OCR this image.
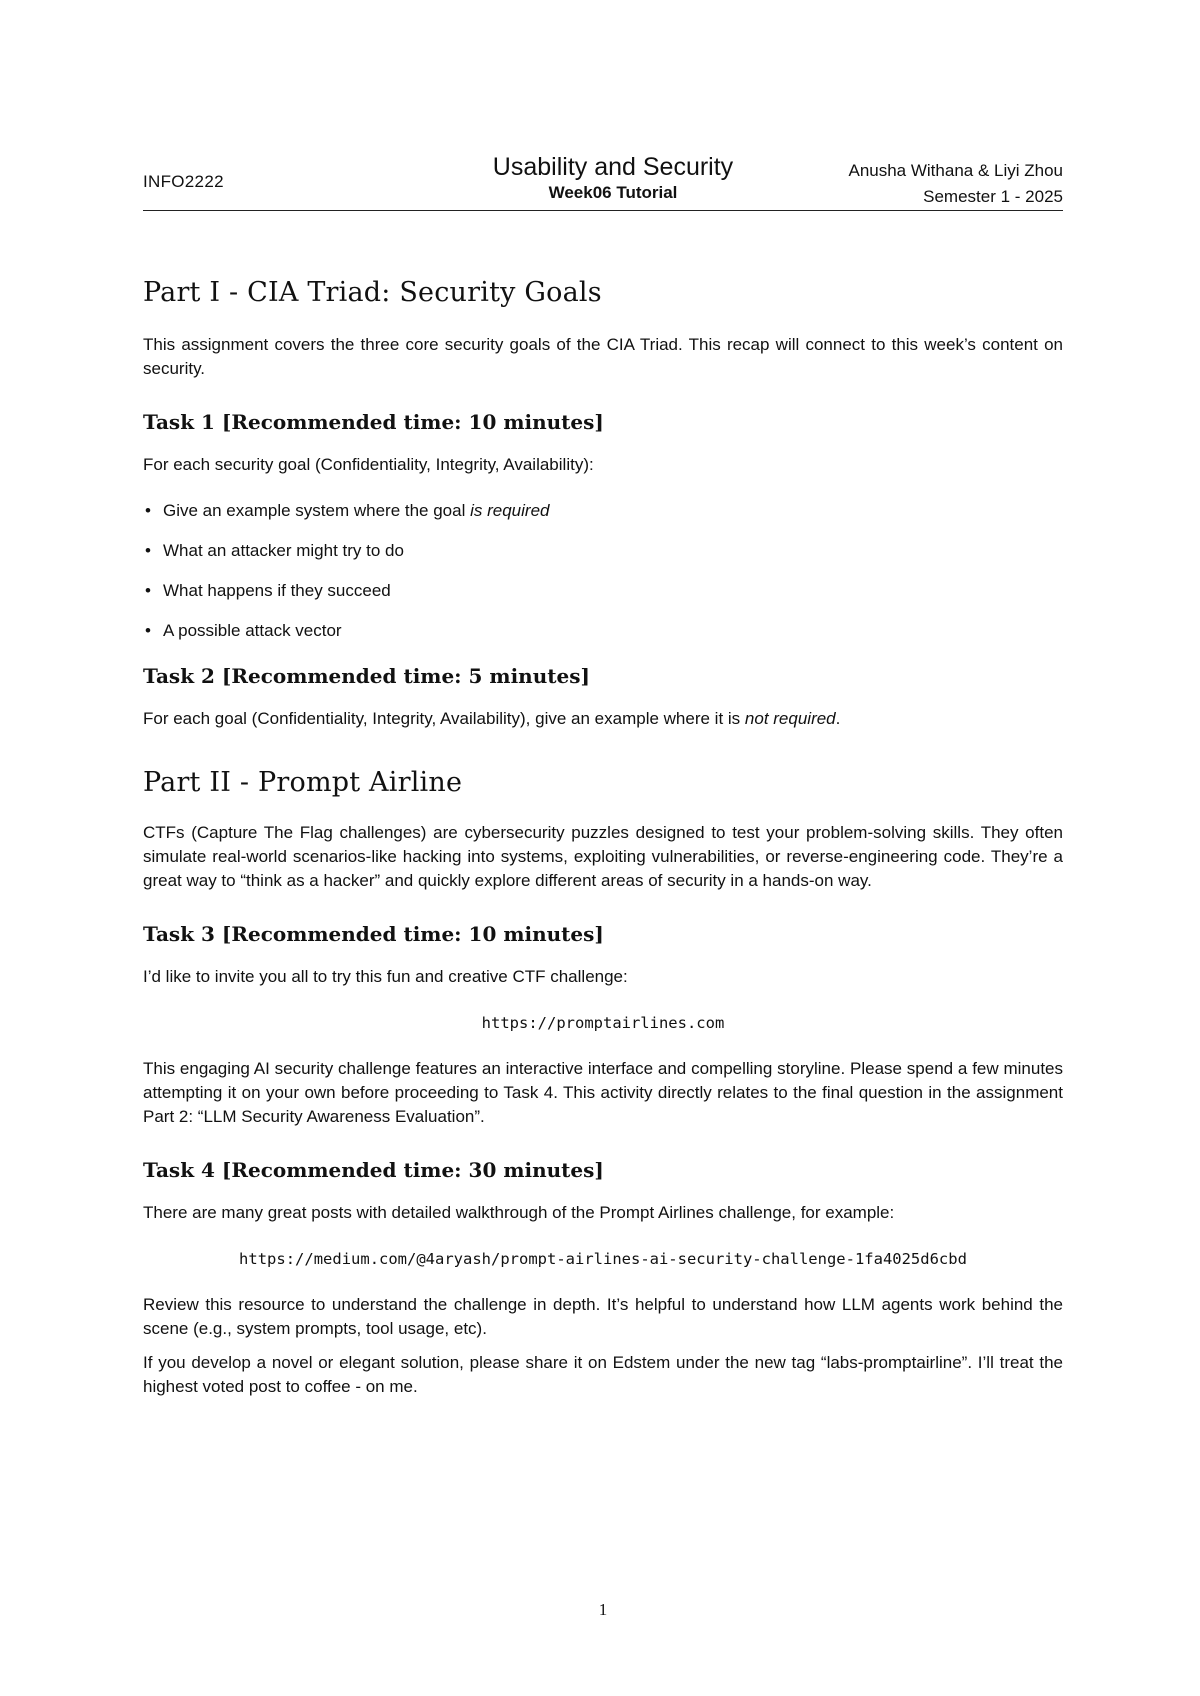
INFO2222
Usability and Security
Week06 Tutorial
Anusha Withana & Liyi Zhou
Semester 1 - 2025
Part I - CIA Triad: Security Goals

This assignment covers the three core security goals of the CIA Triad. This recap will connect to this week’s content on security.

Task 1 [Recommended time: 10 minutes]

For each security goal (Confidentiality, Integrity, Availability):

• Give an example system where the goal is required
• What an attacker might try to do
• What happens if they succeed
• A possible attack vector
Task 2 [Recommended time: 5 minutes]

For each goal (Confidentiality, Integrity, Availability), give an example where it is not required.

Part II - Prompt Airline

CTFs (Capture The Flag challenges) are cybersecurity puzzles designed to test your problem-solving skills. They often simulate real-world scenarios-like hacking into systems, exploiting vulnerabilities, or reverse-engineering code. They’re a great way to “think as a hacker” and quickly explore different areas of security in a hands-on way.

Task 3 [Recommended time: 10 minutes]

I’d like to invite you all to try this fun and creative CTF challenge:

https://promptairlines.com

This engaging AI security challenge features an interactive interface and compelling storyline. Please spend a few minutes attempting it on your own before proceeding to Task 4. This activity directly relates to the final question in the assignment Part 2: “LLM Security Awareness Evaluation”.

Task 4 [Recommended time: 30 minutes]

There are many great posts with detailed walkthrough of the Prompt Airlines challenge, for example:

https://medium.com/@4aryash/prompt-airlines-ai-security-challenge-1fa4025d6cbd

Review this resource to understand the challenge in depth. It’s helpful to understand how LLM agents work behind the scene (e.g., system prompts, tool usage, etc).

If you develop a novel or elegant solution, please share it on Edstem under the new tag “labs-promptairline”. I’ll treat the highest voted post to coffee - on me.

1
